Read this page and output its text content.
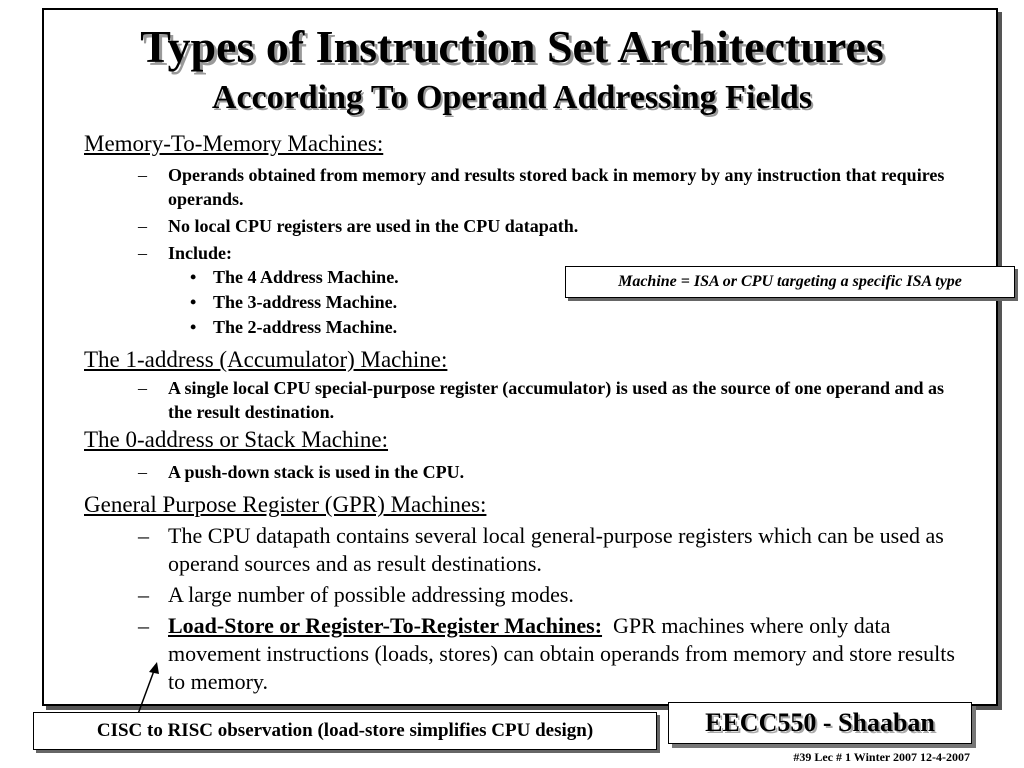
Types of Instruction Set Architectures
According To Operand Addressing Fields
Memory-To-Memory Machines:
– Operands obtained from memory and results stored back in memory by any instruction that requires operands.
– No local CPU registers are used in the CPU datapath.
– Include:
• The 4 Address Machine.
• The 3-address Machine.
• The 2-address Machine.
The 1-address (Accumulator) Machine:
– A single local CPU special-purpose register (accumulator) is used as the source of one operand and as the result destination.
The 0-address or Stack Machine:
– A push-down stack is used in the CPU.
General Purpose Register (GPR) Machines:
– The CPU datapath contains several local general-purpose registers which can be used as operand sources and as result destinations.
– A large number of possible addressing modes.
– Load-Store or Register-To-Register Machines: GPR machines where only data movement instructions (loads, stores) can obtain operands from memory and store results to memory.
Machine = ISA or CPU targeting a specific ISA type
CISC to RISC observation (load-store simplifies CPU design)	EECC550 - Shaaban
#39 Lec # 1 Winter 2007 12-4-2007
